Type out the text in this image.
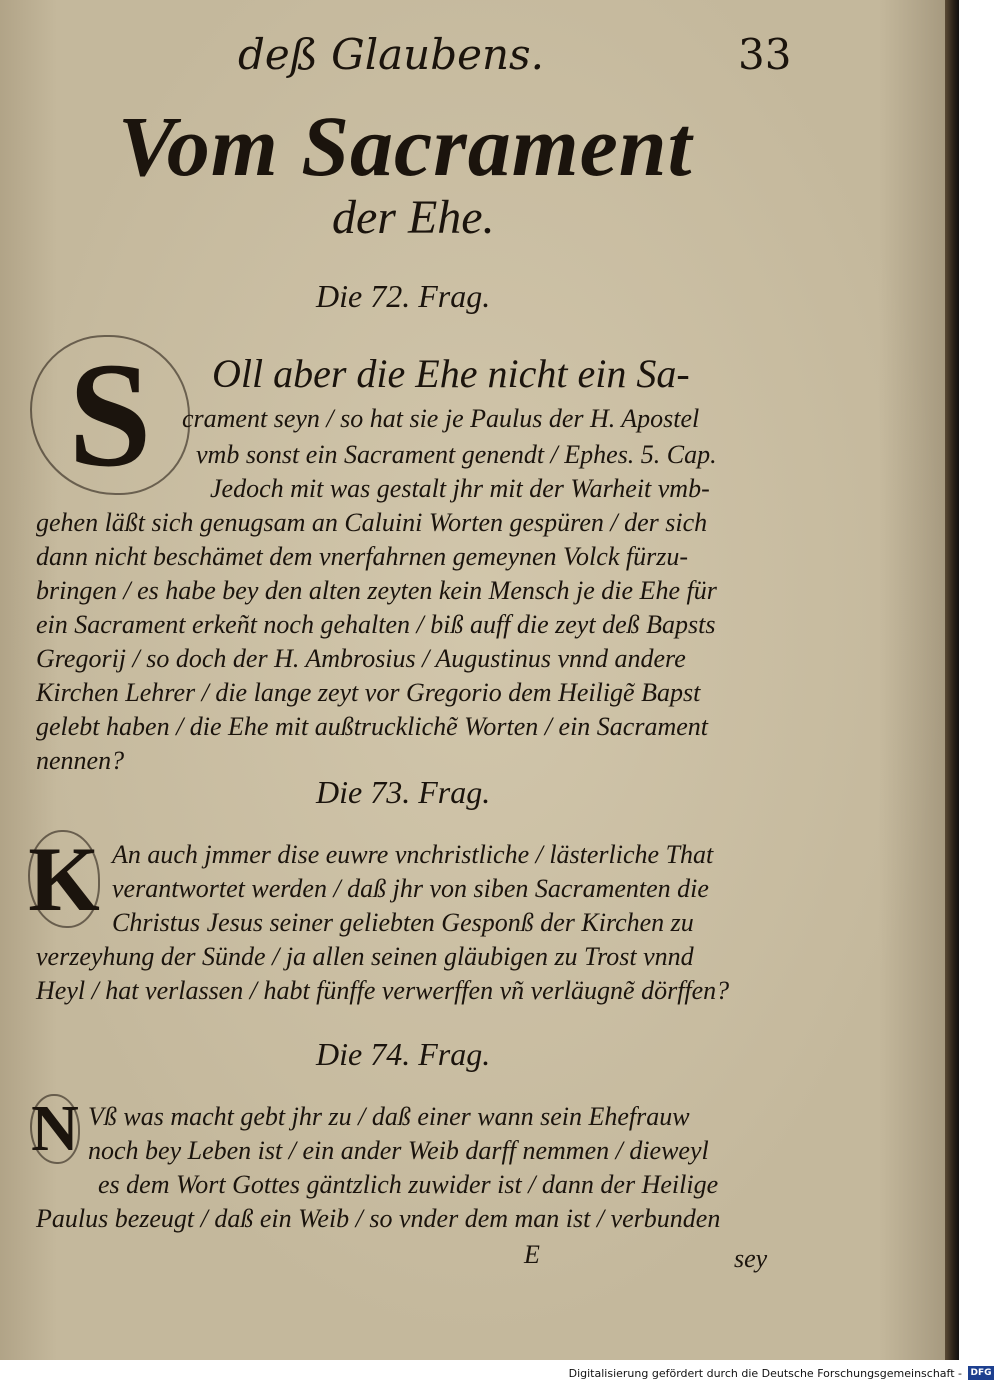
deß Glaubens.	33
Vom Sacrament
der Ehe.
Die 72. Frag.
S	Oll aber die Ehe nicht ein Sa-
crament seyn / so hat sie je Paulus der H. Apostel
vmb sonst ein Sacrament genendt / Ephes. 5. Cap.
Jedoch mit was gestalt jhr mit der Warheit vmb-
gehen läßt sich genugsam an Caluini Worten gespüren / der sich
dann nicht beschämet dem vnerfahrnen gemeynen Volck fürzu-
bringen / es habe bey den alten zeyten kein Mensch je die Ehe für
ein Sacrament erkeñt noch gehalten / biß auff die zeyt deß Bapsts
Gregorij / so doch der H. Ambrosius / Augustinus vnnd andere
Kirchen Lehrer / die lange zeyt vor Gregorio dem Heiligẽ Bapst
gelebt haben / die Ehe mit außtrucklichẽ Worten / ein Sacrament
nennen?
Die 73. Frag.
K An auch jmmer dise euwre vnchristliche / lästerliche That
verantwortet werden / daß jhr von siben Sacramenten die
Christus Jesus seiner geliebten Gesponß der Kirchen zu
verzeyhung der Sünde / ja allen seinen gläubigen zu Trost vnnd
Heyl / hat verlassen / habt fünffe verwerffen vñ verläugnẽ dörffen?
Die 74. Frag.
N Vß was macht gebt jhr zu / daß einer wann sein Ehefrauw
noch bey Leben ist / ein ander Weib darff nemmen / dieweyl
es dem Wort Gottes gäntzlich zuwider ist / dann der Heilige
Paulus bezeugt / daß ein Weib / so vnder dem man ist / verbunden
E	sey
Digitalisierung gefördert durch die Deutsche Forschungsgemeinschaft - DFG
